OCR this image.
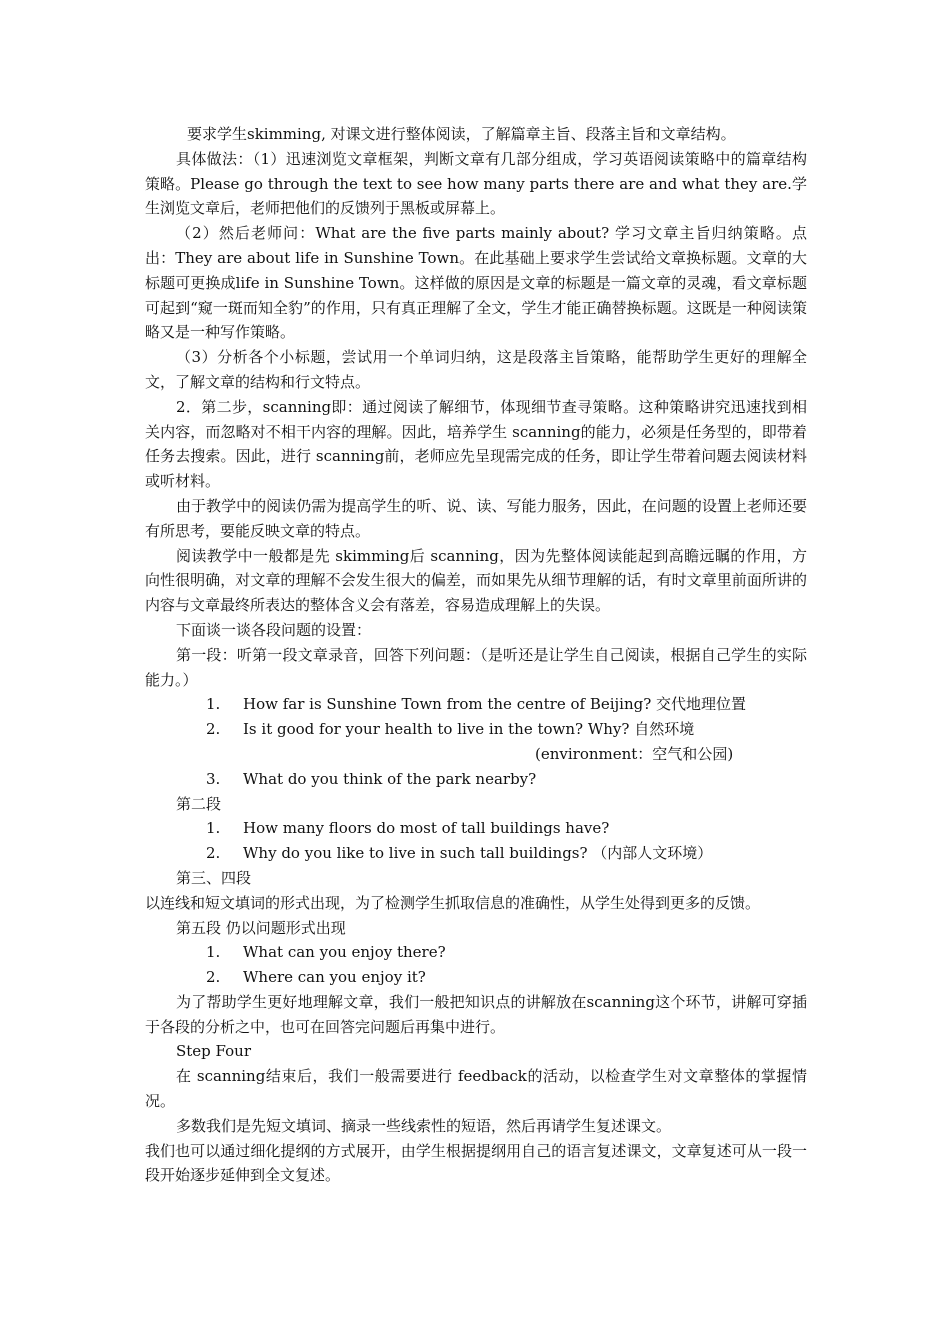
要求学生skimming, 对课文进行整体阅读，了解篇章主旨、段落主旨和文章结构。

具体做法：（1）迅速浏览文章框架，判断文章有几部分组成，学习英语阅读策略中的篇章结构策略。Please go through the text to see how many parts there are and what they are.学生浏览文章后，老师把他们的反馈列于黑板或屏幕上。

（2）然后老师问：What are the five parts mainly about? 学习文章主旨归纳策略。点出：They are about life in Sunshine Town。在此基础上要求学生尝试给文章换标题。文章的大标题可更换成life in Sunshine Town。这样做的原因是文章的标题是一篇文章的灵魂，看文章标题可起到“窥一斑而知全豹”的作用，只有真正理解了全文，学生才能正确替换标题。这既是一种阅读策略又是一种写作策略。

（3）分析各个小标题，尝试用一个单词归纳，这是段落主旨策略，能帮助学生更好的理解全文，了解文章的结构和行文特点。

2．第二步，scanning即：通过阅读了解细节，体现细节查寻策略。这种策略讲究迅速找到相关内容，而忽略对不相干内容的理解。因此，培养学生 scanning的能力，必须是任务型的，即带着任务去搜索。因此，进行 scanning前，老师应先呈现需完成的任务，即让学生带着问题去阅读材料或听材料。

由于教学中的阅读仍需为提高学生的听、说、读、写能力服务，因此，在问题的设置上老师还要有所思考，要能反映文章的特点。

阅读教学中一般都是先 skimming后 scanning，因为先整体阅读能起到高瞻远瞩的作用，方向性很明确，对文章的理解不会发生很大的偏差，而如果先从细节理解的话，有时文章里前面所讲的内容与文章最终所表达的整体含义会有落差，容易造成理解上的失误。

下面谈一谈各段问题的设置：

第一段：听第一段文章录音，回答下列问题：（是听还是让学生自己阅读，根据自己学生的实际能力。）

1. How far is Sunshine Town from the centre of Beijing? 交代地理位置

2. Is it good for your health to live in the town? Why? 自然环境

(environment：空气和公园)

3. What do you think of the park nearby?

第二段

1. How many floors do most of tall buildings have?

2. Why do you like to live in such tall buildings? （内部人文环境）

第三、四段

以连线和短文填词的形式出现，为了检测学生抓取信息的准确性，从学生处得到更多的反馈。

第五段 仍以问题形式出现

1. What can you enjoy there?

2. Where can you enjoy it?

为了帮助学生更好地理解文章，我们一般把知识点的讲解放在scanning这个环节，讲解可穿插于各段的分析之中，也可在回答完问题后再集中进行。

Step Four

在 scanning结束后，我们一般需要进行 feedback的活动，以检查学生对文章整体的掌握情况。

多数我们是先短文填词、摘录一些线索性的短语，然后再请学生复述课文。

我们也可以通过细化提纲的方式展开，由学生根据提纲用自己的语言复述课文，文章复述可从一段一段开始逐步延伸到全文复述。
